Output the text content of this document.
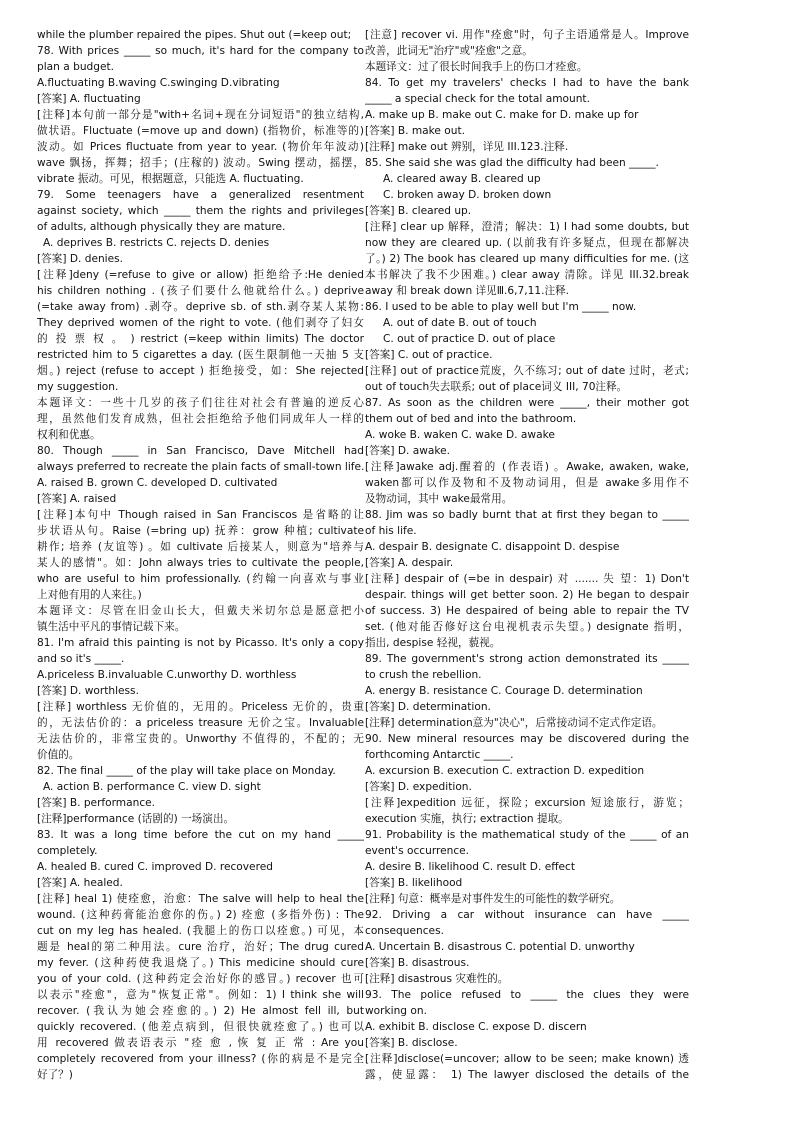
while the plumber repaired the pipes. Shut out (=keep out;
78. With prices _____ so much, it's hard for the company to
plan a budget.
A.fluctuating B.waving C.swinging D.vibrating
[答案] A. fluctuating
[注释]本句前一部分是"with+名词+现在分词短语"的独立结构,
做状语。Fluctuate (=move up and down) (指物价，标准等的)
波动。如 Prices fluctuate from year to year. (物价年年波动)
wave 飘扬，挥舞；招手；(庄稼的) 波动。Swing 摆动，摇摆，
vibrate 振动。可见，根据题意，只能选 A. fluctuating.
79. Some teenagers have a generalized resentment
against society, which _____ them the rights and privileges
of adults, although physically they are mature.
A. deprives B. restricts C. rejects D. denies
[答案] D. denies.
[注释]deny (=refuse to give or allow) 拒绝给予:He denied
his children nothing . (孩子们要什么他就给什么。) deprive
(=take away from) .剥夺。deprive sb. of sth.剥夺某人某物:
They deprived women of the right to vote. (他们剥夺了妇女
的 投 票 权 。 ) restrict (=keep within limits) The doctor
restricted him to 5 cigarettes a day. (医生限制他一天抽 5 支
烟。) reject (refuse to accept ) 拒绝接受，如：She rejected
my suggestion.
本题译文：一些十几岁的孩子们往往对社会有普遍的逆反心
理，虽然他们发育成熟，但社会拒绝给予他们同成年人一样的
权利和优惠。
80. Though _____ in San Francisco, Dave Mitchell had
always preferred to recreate the plain facts of small-town life.
A. raised B. grown C. developed D. cultivated
[答案] A. raised
[注释]本句中 Though raised in San Franciscos 是省略的让
步状语从句。Raise (=bring up) 抚养：grow 种植; cultivate
耕作; 培养 (友谊等) 。如 cultivate 后接某人，则意为"培养与
某人的感情"。如：John always tries to cultivate the people,
who are useful to him professionally. (约翰一向喜欢与事业
上对他有用的人来往。)
本题译文：尽管在旧金山长大，但戴夫米切尔总是愿意把小
镇生活中平凡的事情记载下来。
81. I'm afraid this painting is not by Picasso. It's only a copy
and so it's _____.
A.priceless B.invaluable C.unworthy D. worthless
[答案] D. worthless.
[注释] worthless 无价值的，无用的。Priceless 无价的，贵重
的，无法估价的：a priceless treasure 无价之宝。Invaluable
无法估价的，非常宝贵的。Unworthy 不值得的，不配的；无
价值的。
82. The final _____ of the play will take place on Monday.
A. action B. performance C. view D. sight
[答案] B. performance.
[注释]performance (话剧的) 一场演出。
83. It was a long time before the cut on my hand _____
completely.
A. healed B. cured C. improved D. recovered
[答案] A. healed.
[注释] heal 1) 使痊愈，治愈：The salve will help to heal the
wound. (这种药膏能治愈你的伤。) 2) 痊愈 (多指外伤) : The
cut on my leg has healed. (我腿上的伤口以痊愈。) 可见，本
题是 heal的第二种用法。cure 治疗，治好；The drug cured
my fever. (这种药使我退烧了。) This medicine should cure
you of your cold. (这种药定会治好你的感冒。) recover 也可
以表示"痊愈"，意为"恢复正常"。例如：1) I think she will
recover. (我认为她会痊愈的。) 2) He almost fell ill, but
quickly recovered. (他差点病到，但很快就痊愈了。) 也可以
用 recovered 做表语表示 "痊 愈 , 恢 复 正 常 : Are you
completely recovered from your illness? (你的病是不是完全
好了？)
[注意] recover vi. 用作"痊愈"时，句子主语通常是人。Improve
改善，此词无"治疗"或"痊愈"之意。
本题译文：过了很长时间我手上的伤口才痊愈。
84. To get my travelers' checks I had to have the bank
_____ a special check for the total amount.
A. make up B. make out C. make for D. make up for
[答案] B. make out.
[注释] make out 辨别，详见 III.123.注释.
85. She said she was glad the difficulty had been _____.
A. cleared away B. cleared up
C. broken away D. broken down
[答案] B. cleared up.
[注释] clear up 解释，澄清；解决：1) I had some doubts, but
now they are cleared up. (以前我有许多疑点，但现在都解决
了。) 2) The book has cleared up many difficulties for me. (这
本书解决了我不少困难。) clear away 清除。详见 III.32.break
away 和 break down 详见Ⅲ.6,7,11.注释.
86. I used to be able to play well but I'm _____ now.
A. out of date B. out of touch
C. out of practice D. out of place
[答案] C. out of practice.
[注释] out of practice荒废，久不练习; out of date 过时，老式;
out of touch失去联系; out of place词义 III, 70注释。
87. As soon as the children were _____, their mother got
them out of bed and into the bathroom.
A. woke B. waken C. wake D. awake
[答案] D. awake.
[注释]awake adj.醒着的 (作表语) 。Awake, awaken, wake,
waken都可以作及物和不及物动词用，但是 awake多用作不
及物动词，其中 wake最常用。
88. Jim was so badly burnt that at first they began to _____
of his life.
A. despair B. designate C. disappoint D. despise
[答案] A. despair.
[注释] despair of (=be in despair) 对 ....... 失 望：1) Don't
despair. things will get better soon. 2) He began to despair
of success. 3) He despaired of being able to repair the TV
set. (他对能否修好这台电视机表示失望。) designate 指明，
指出, despise 轻视，藐视。
89. The government's strong action demonstrated its _____
to crush the rebellion.
A. energy B. resistance C. Courage D. determination
[答案] D. determination.
[注释] determination意为"决心"，后常接动词不定式作定语。
90. New mineral resources may be discovered during the
forthcoming Antarctic _____.
A. excursion B. execution C. extraction D. expedition
[答案] D. expedition.
[注释]expedition 远征，探险；excursion 短途旅行，游览；
execution 实施，执行; extraction 提取。
91. Probability is the mathematical study of the _____ of an
event's occurrence.
A. desire B. likelihood C. result D. effect
[答案] B. likelihood
[注释] 句意：概率是对事件发生的可能性的数学研究。
92. Driving a car without insurance can have _____
consequences.
A. Uncertain B. disastrous C. potential D. unworthy
[答案] B. disastrous.
[注释] disastrous 灾难性的。
93. The police refused to _____ the clues they were
working on.
A. exhibit B. disclose C. expose D. discern
[答案] B. disclose.
[注释]disclose(=uncover; allow to be seen; make known) 透
露，使显露： 1) The lawyer disclosed the details of the
